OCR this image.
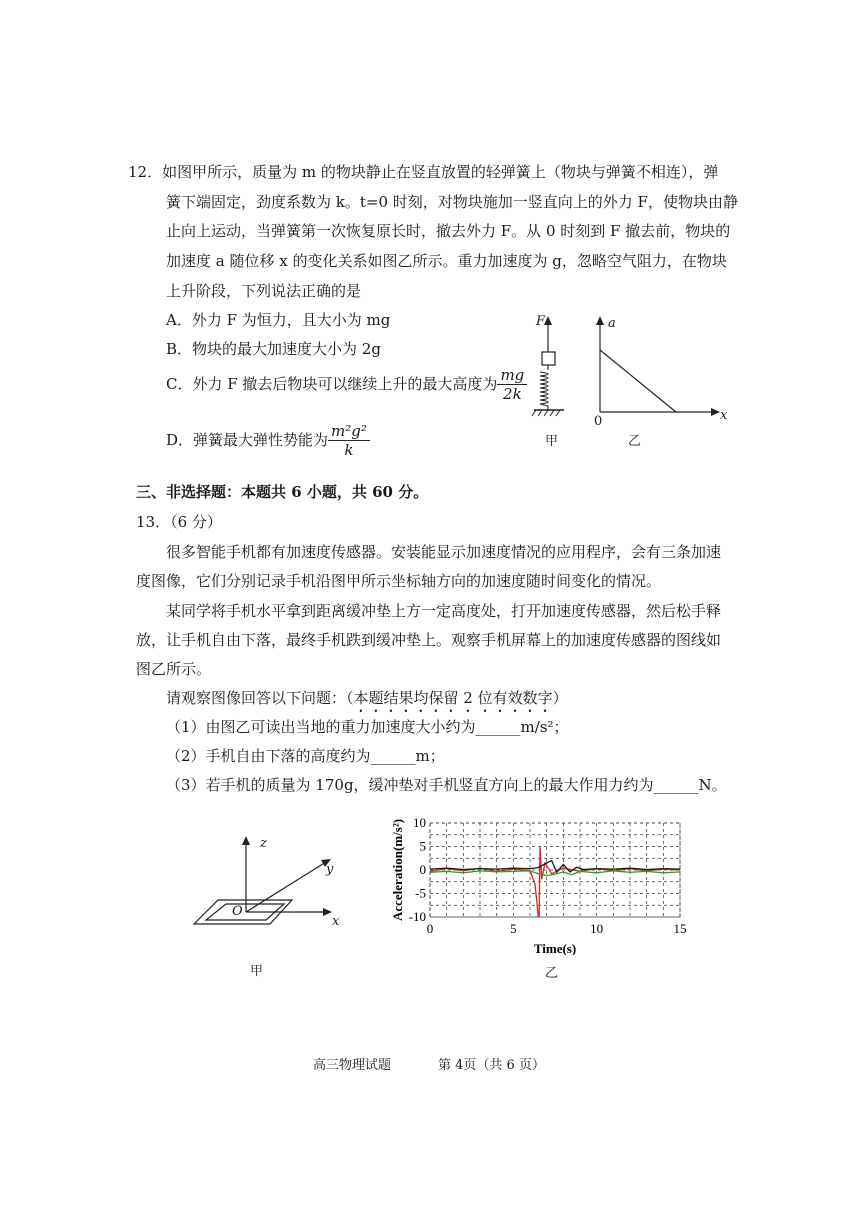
12．如图甲所示，质量为 m 的物块静止在竖直放置的轻弹簧上（物块与弹簧不相连），弹
簧下端固定，劲度系数为 k。t=0 时刻，对物块施加一竖直向上的外力 F，使物块由静
止向上运动，当弹簧第一次恢复原长时，撤去外力 F。从 0 时刻到 F 撤去前，物块的
加速度 a 随位移 x 的变化关系如图乙所示。重力加速度为 g，忽略空气阻力，在物块
上升阶段，下列说法正确的是
A．外力 F 为恒力，且大小为 mg
B．物块的最大加速度大小为 2g
C．外力 F 撤去后物块可以继续上升的最大高度为 $\frac{mg}{2k}$
D．弹簧最大弹性势能为 $\frac{\text{m²g²}}{k}$
F
甲
a
x
0
乙
三、非选择题：本题共 6 小题，共 60 分。
13．（6 分）
很多智能手机都有加速度传感器。安装能显示加速度情况的应用程序，会有三条加速
度图像，它们分别记录手机沿图甲所示坐标轴方向的加速度随时间变化的情况。
某同学将手机水平拿到距离缓冲垫上方一定高度处，打开加速度传感器，然后松手释
放，让手机自由下落，最终手机跌到缓冲垫上。观察手机屏幕上的加速度传感器的图线如
图乙所示。
请观察图像回答以下问题：（本题结果均保留 2 位有效数字）
（1）由图乙可读出当地的重力加速度大小约为______m/s²；
（2）手机自由下落的高度约为______m；
（3）若手机的质量为 170g，缓冲垫对手机竖直方向上的最大作用力约为______N。
z
y
x
O
甲
0	5	10	15
10
5
0
-5
-10
Time(s)
Acceleration(m/s²)
乙
高三物理试题	第 4页（共 6 页）
